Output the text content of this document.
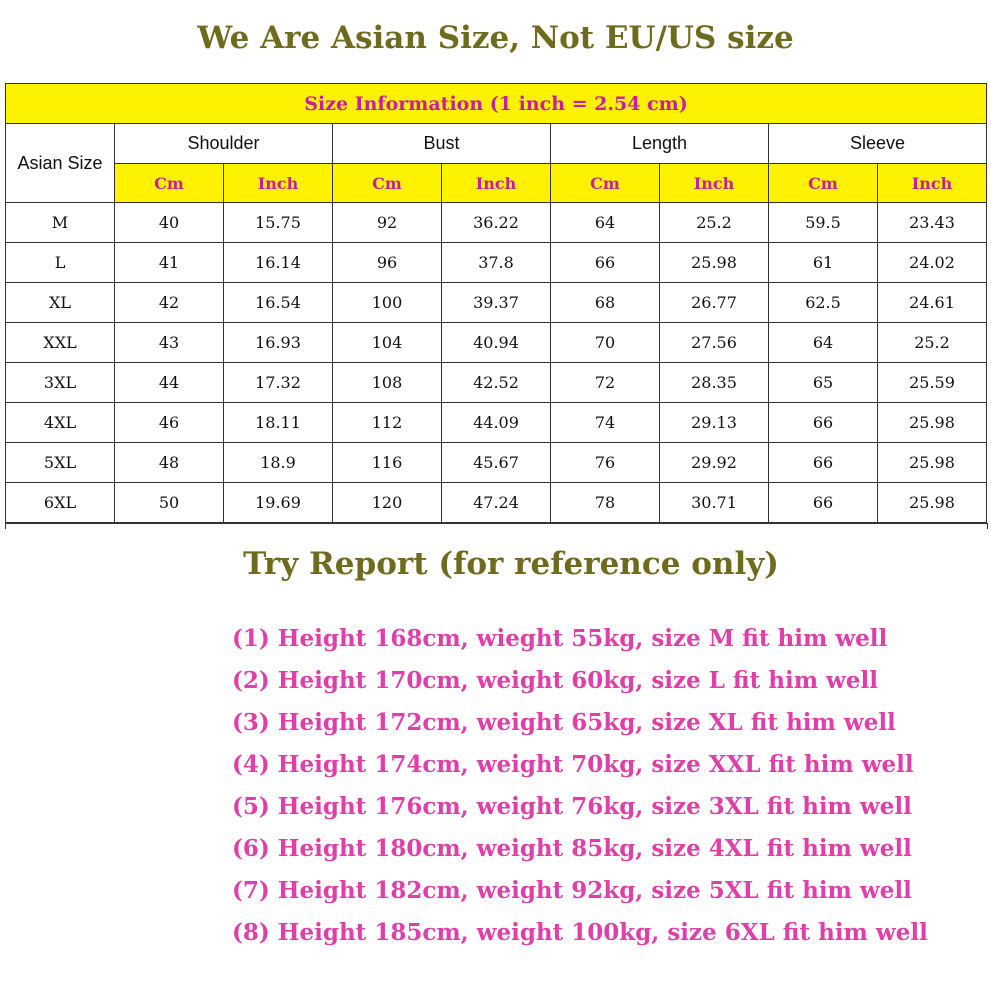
We Are Asian Size, Not EU/US size
Size Information (1 inch = 2.54 cm)								
Asian Size	Shoulder		Bust		Length		Sleeve	
	Cm	Inch	Cm	Inch	Cm	Inch	Cm	Inch
M	40	15.75	92	36.22	64	25.2	59.5	23.43
L	41	16.14	96	37.8	66	25.98	61	24.02
XL	42	16.54	100	39.37	68	26.77	62.5	24.61
XXL	43	16.93	104	40.94	70	27.56	64	25.2
3XL	44	17.32	108	42.52	72	28.35	65	25.59
4XL	46	18.11	112	44.09	74	29.13	66	25.98
5XL	48	18.9	116	45.67	76	29.92	66	25.98
6XL	50	19.69	120	47.24	78	30.71	66	25.98
Try Report (for reference only)
(1) Height 168cm, wieght 55kg, size M fit him well
(2) Height 170cm, weight 60kg, size L fit him well
(3) Height 172cm, weight 65kg, size XL fit him well
(4) Height 174cm, weight 70kg, size XXL fit him well
(5) Height 176cm, weight 76kg, size 3XL fit him well
(6) Height 180cm, weight 85kg, size 4XL fit him well
(7) Height 182cm, weight 92kg, size 5XL fit him well
(8) Height 185cm, weight 100kg, size 6XL fit him well
